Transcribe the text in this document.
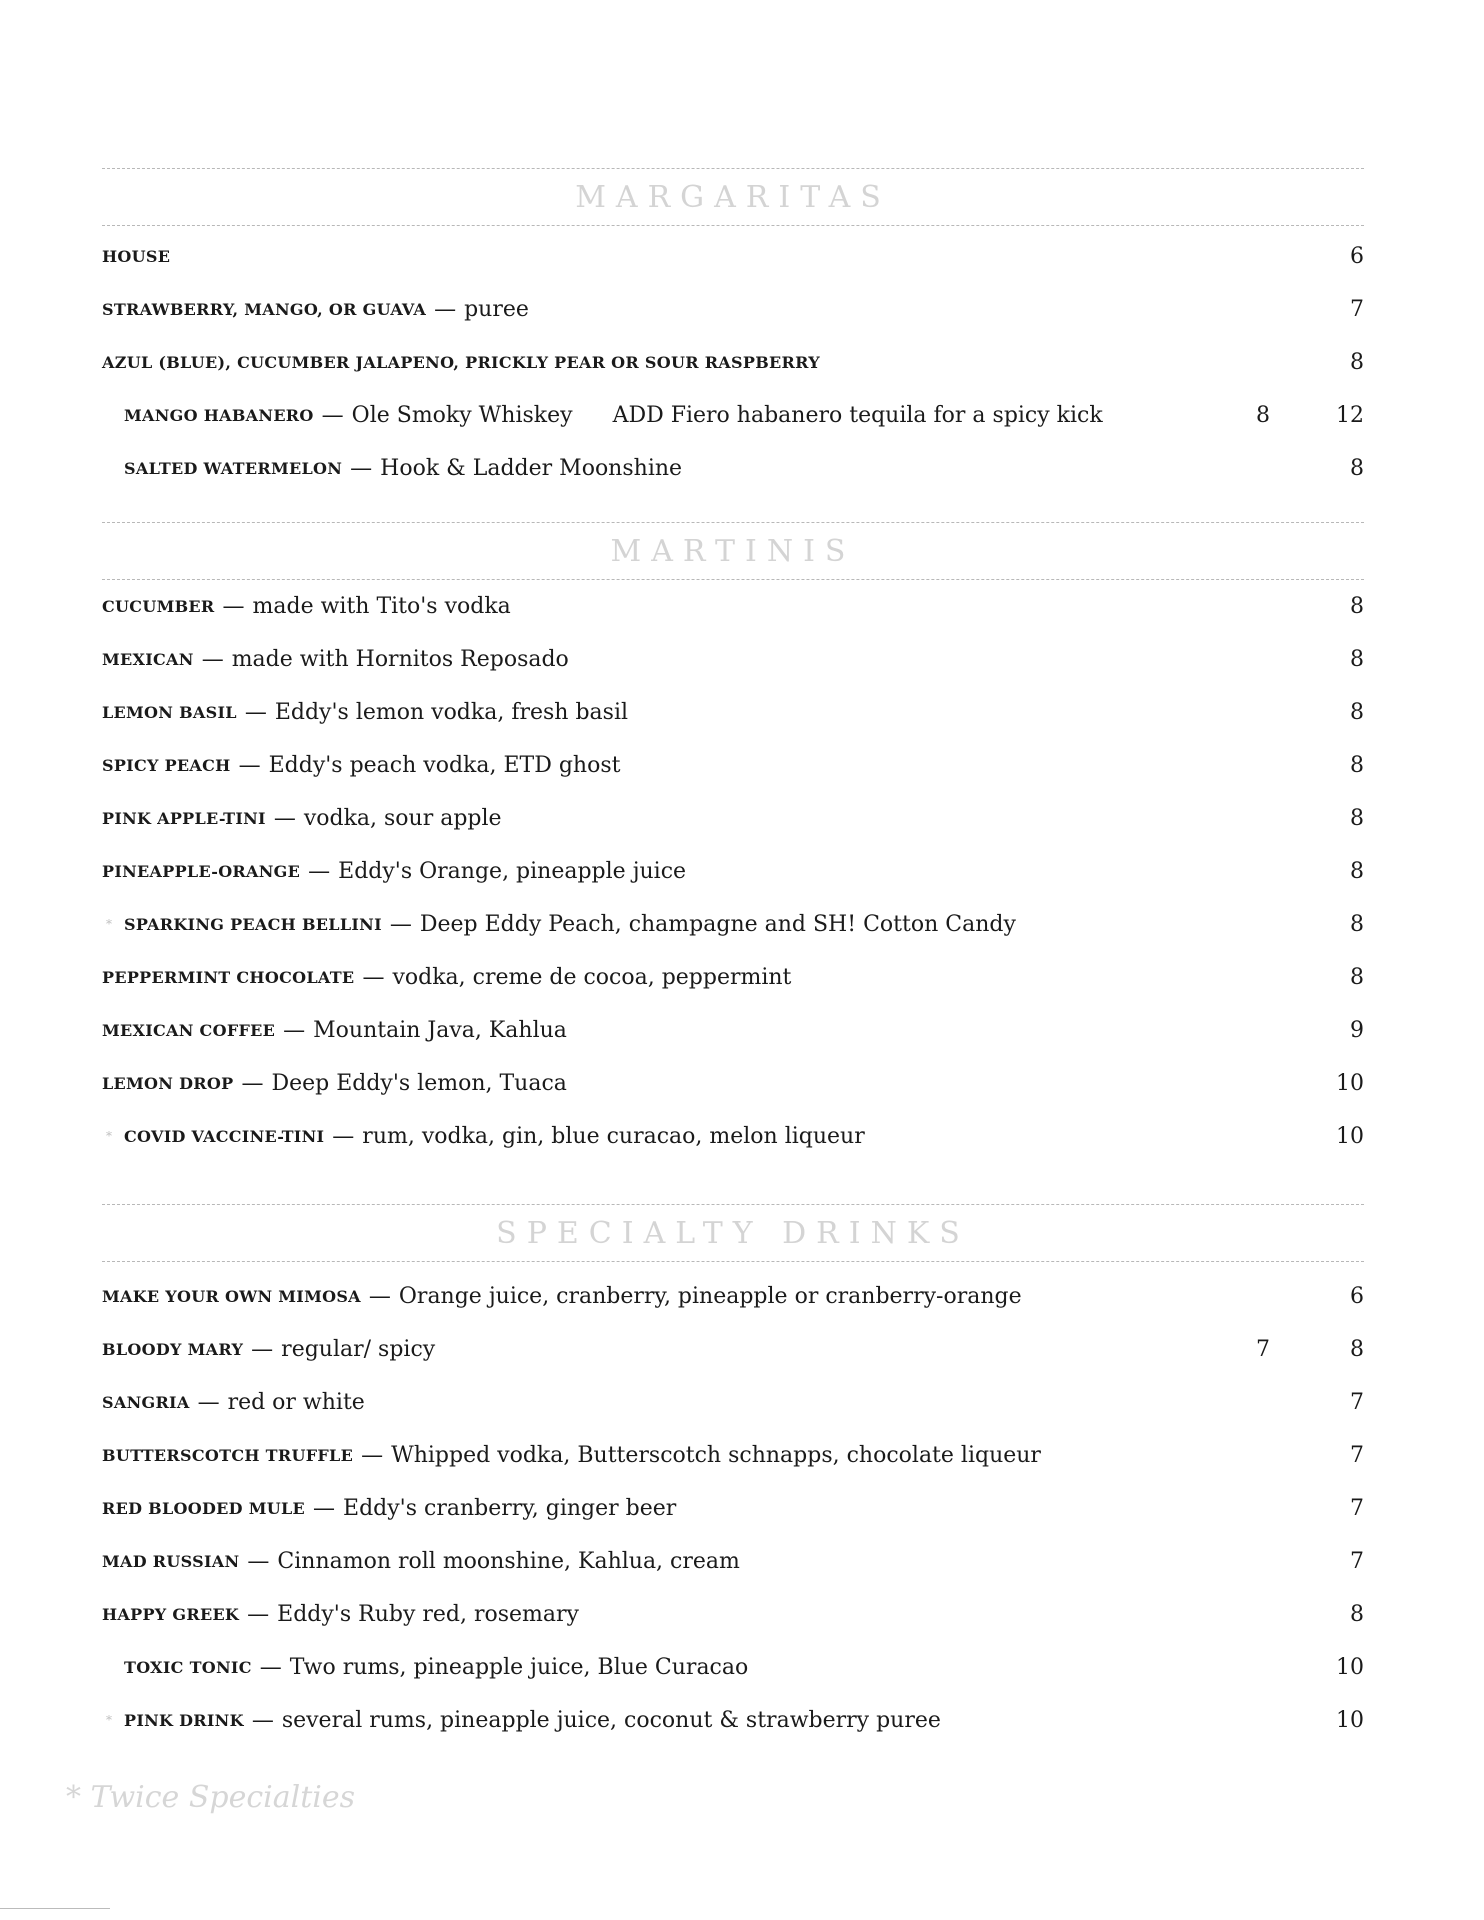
MARGARITAS
HOUSE	6
STRAWBERRY, MANGO, OR GUAVA — puree	7
AZUL (BLUE), CUCUMBER JALAPENO, PRICKLY PEAR OR SOUR RASPBERRY	8
MANGO HABANERO — Ole Smoky Whiskey ADD Fiero habanero tequila for a spicy kick	8	12
SALTED WATERMELON — Hook & Ladder Moonshine	8
MARTINIS
CUCUMBER — made with Tito's vodka	8
MEXICAN — made with Hornitos Reposado	8
LEMON BASIL — Eddy's lemon vodka, fresh basil	8
SPICY PEACH — Eddy's peach vodka, ETD ghost	8
PINK APPLE-TINI — vodka, sour apple	8
PINEAPPLE-ORANGE — Eddy's Orange, pineapple juice	8
* SPARKING PEACH BELLINI — Deep Eddy Peach, champagne and SH! Cotton Candy	8
PEPPERMINT CHOCOLATE — vodka, creme de cocoa, peppermint	8
MEXICAN COFFEE — Mountain Java, Kahlua	9
LEMON DROP — Deep Eddy's lemon, Tuaca	10
* COVID VACCINE-TINI — rum, vodka, gin, blue curacao, melon liqueur	10
SPECIALTY DRINKS
MAKE YOUR OWN MIMOSA — Orange juice, cranberry, pineapple or cranberry-orange	6
BLOODY MARY — regular/ spicy	7	8
SANGRIA — red or white	7
BUTTERSCOTCH TRUFFLE — Whipped vodka, Butterscotch schnapps, chocolate liqueur	7
RED BLOODED MULE — Eddy's cranberry, ginger beer	7
MAD RUSSIAN — Cinnamon roll moonshine, Kahlua, cream	7
HAPPY GREEK — Eddy's Ruby red, rosemary	8
TOXIC TONIC — Two rums, pineapple juice, Blue Curacao	10
* PINK DRINK — several rums, pineapple juice, coconut & strawberry puree	10
* Twice Specialties
